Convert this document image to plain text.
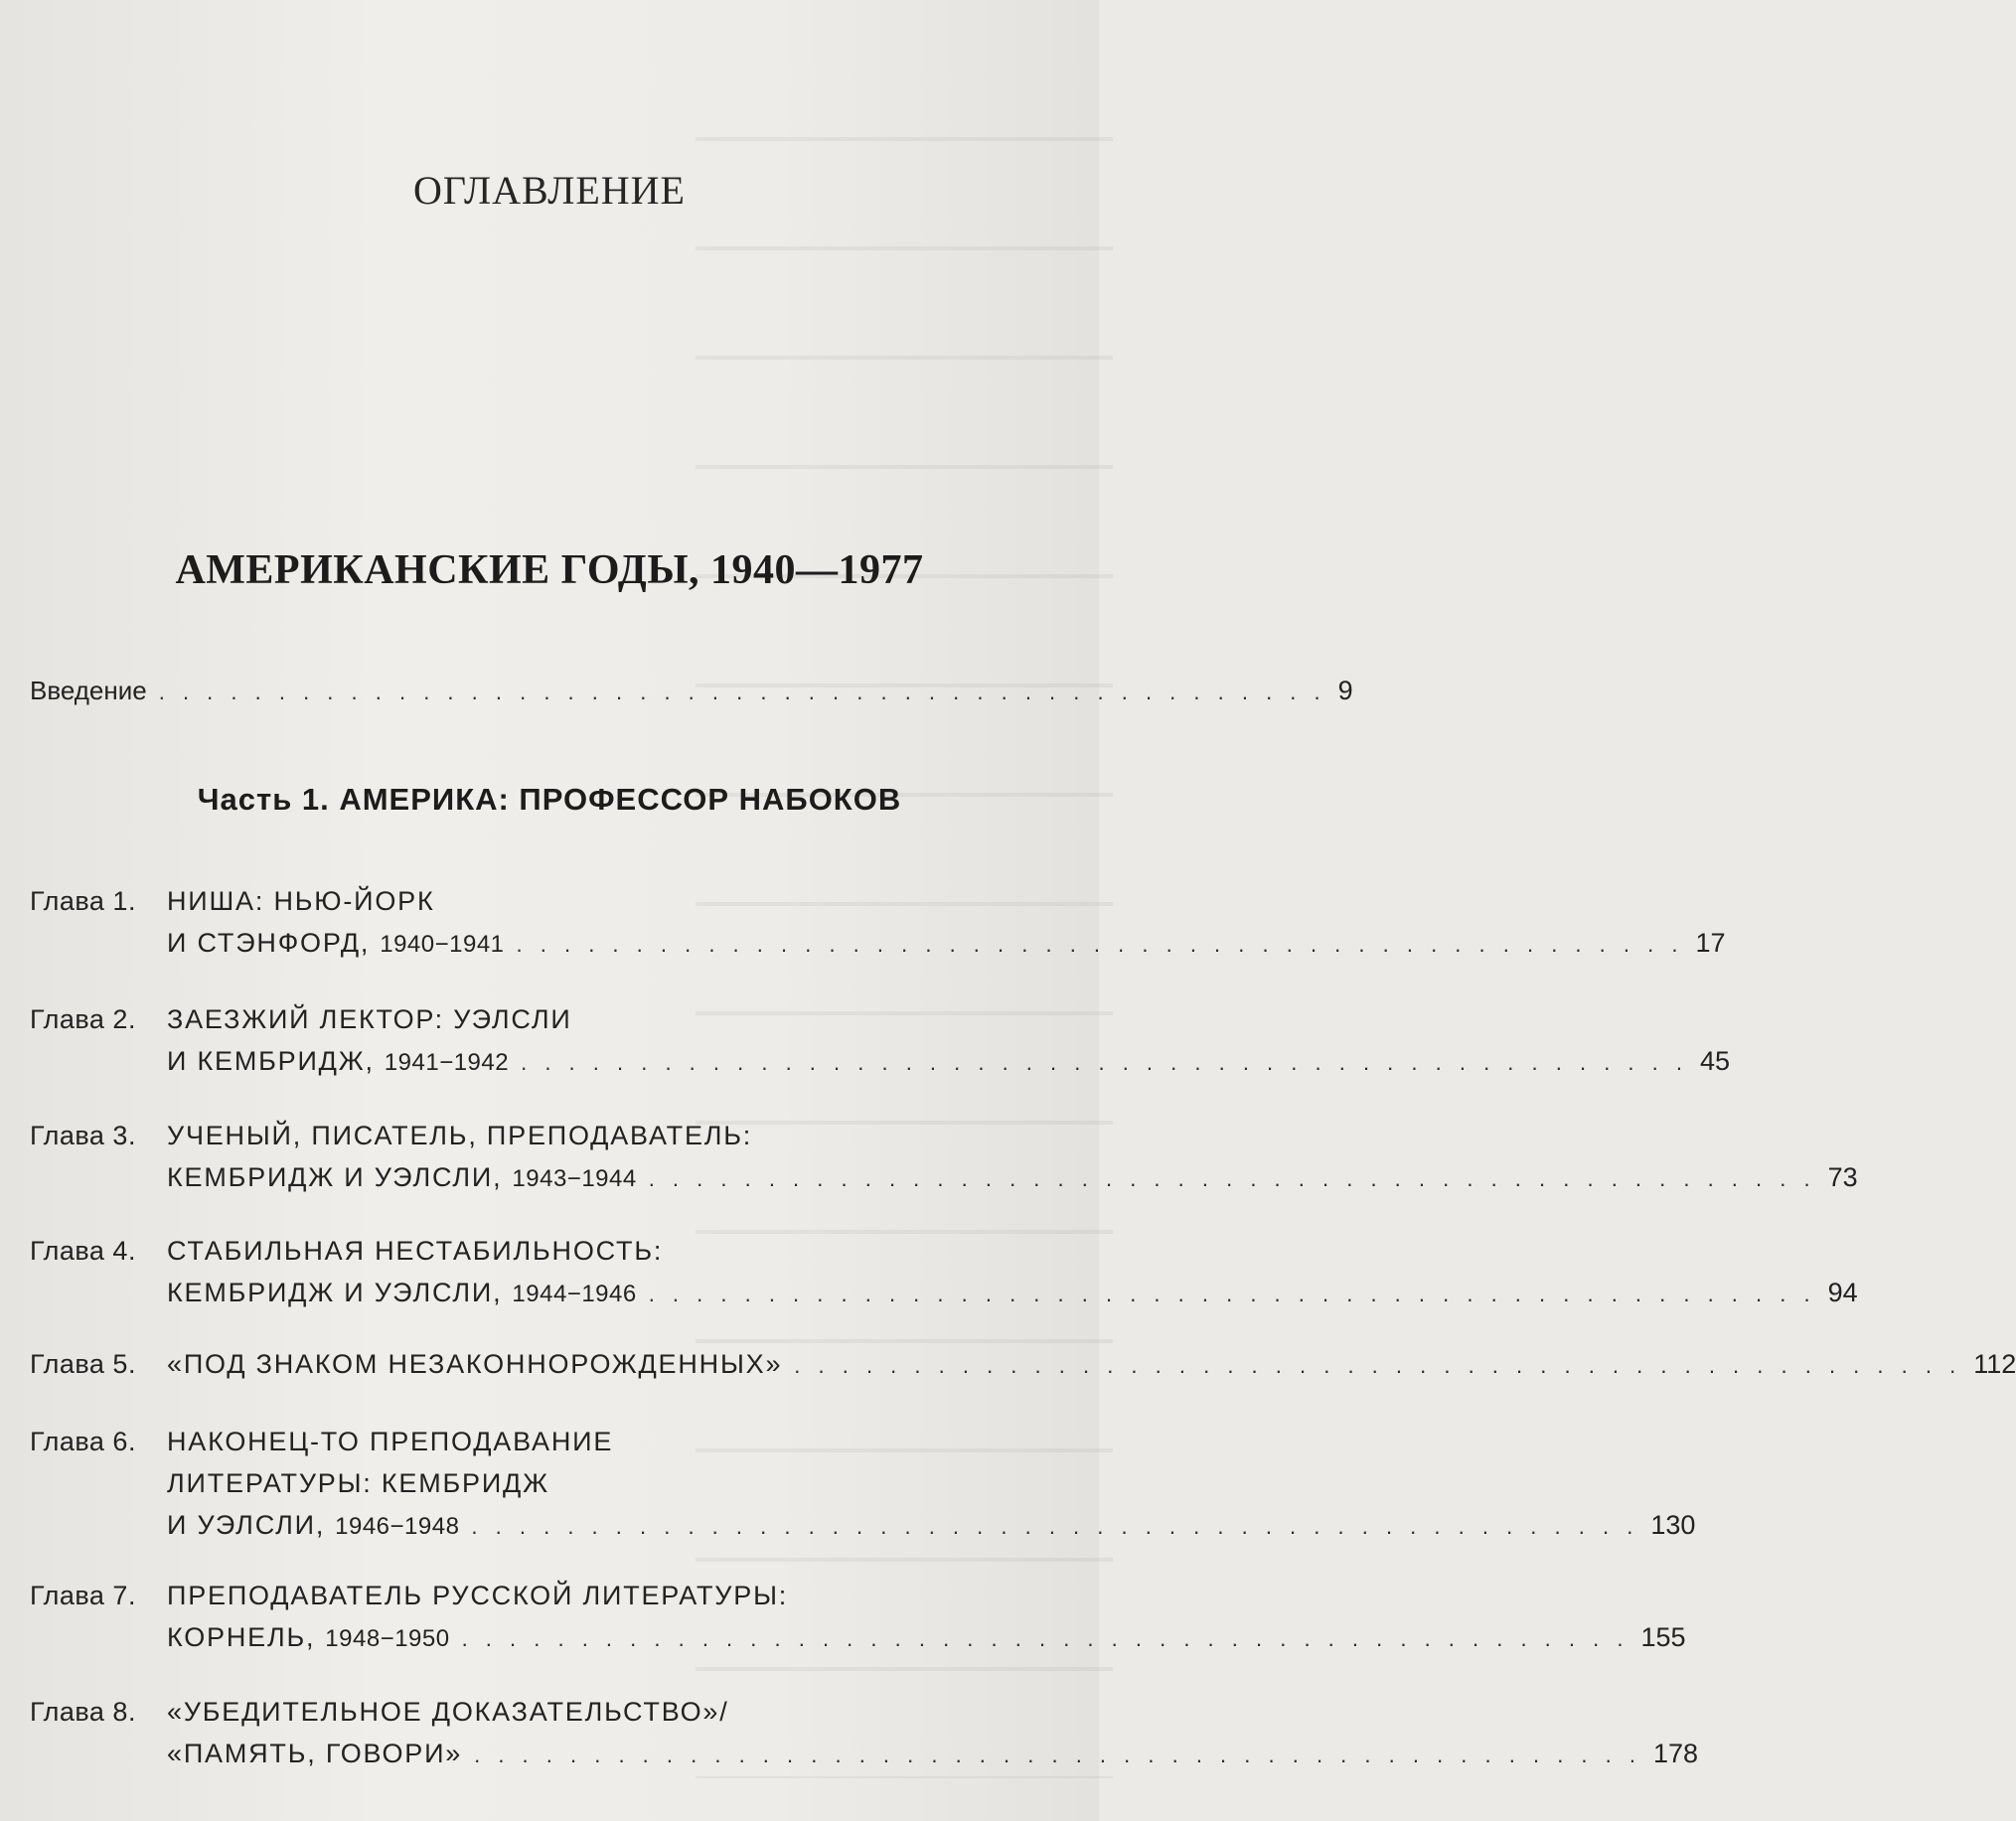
ОГЛАВЛЕНИЕ
АМЕРИКАНСКИЕ ГОДЫ, 1940—1977
Введение . . . . . . . . . . . . . . . . . . . . . . . . . . . . . . . . . . . . . . . . . . . . . . . . . 9
Часть 1. АМЕРИКА: ПРОФЕССОР НАБОКОВ
Глава 1.	НИША: НЬЮ-ЙОРК
И СТЭНФОРД, 1940−1941 . . . . . . . . . . . . . . . . . . . . . . . . . . . . . . . . . . . . . . . . . . . . . . . . . 17
Глава 2.	ЗАЕЗЖИЙ ЛЕКТОР: УЭЛСЛИ
И КЕМБРИДЖ, 1941−1942 . . . . . . . . . . . . . . . . . . . . . . . . . . . . . . . . . . . . . . . . . . . . . . . . . 45
Глава 3.	УЧЕНЫЙ, ПИСАТЕЛЬ, ПРЕПОДАВАТЕЛЬ:
КЕМБРИДЖ И УЭЛСЛИ, 1943−1944 . . . . . . . . . . . . . . . . . . . . . . . . . . . . . . . . . . . . . . . . . . . . . . . . . 73
Глава 4.	СТАБИЛЬНАЯ НЕСТАБИЛЬНОСТЬ:
КЕМБРИДЖ И УЭЛСЛИ, 1944−1946 . . . . . . . . . . . . . . . . . . . . . . . . . . . . . . . . . . . . . . . . . . . . . . . . . 94
Глава 5.	«ПОД ЗНАКОМ НЕЗАКОННОРОЖДЕННЫХ» . . . . . . . . . . . . . . . . . . . . . . . . . . . . . . . . . . . . . . . . . . . . . . . . . 112
Глава 6.	НАКОНЕЦ-ТО ПРЕПОДАВАНИЕ
ЛИТЕРАТУРЫ: КЕМБРИДЖ
И УЭЛСЛИ, 1946−1948 . . . . . . . . . . . . . . . . . . . . . . . . . . . . . . . . . . . . . . . . . . . . . . . . . 130
Глава 7.	ПРЕПОДАВАТЕЛЬ РУССКОЙ ЛИТЕРАТУРЫ:
КОРНЕЛЬ, 1948−1950 . . . . . . . . . . . . . . . . . . . . . . . . . . . . . . . . . . . . . . . . . . . . . . . . . 155
Глава 8.	«УБЕДИТЕЛЬНОЕ ДОКАЗАТЕЛЬСТВО»/
«ПАМЯТЬ, ГОВОРИ» . . . . . . . . . . . . . . . . . . . . . . . . . . . . . . . . . . . . . . . . . . . . . . . . . 178
